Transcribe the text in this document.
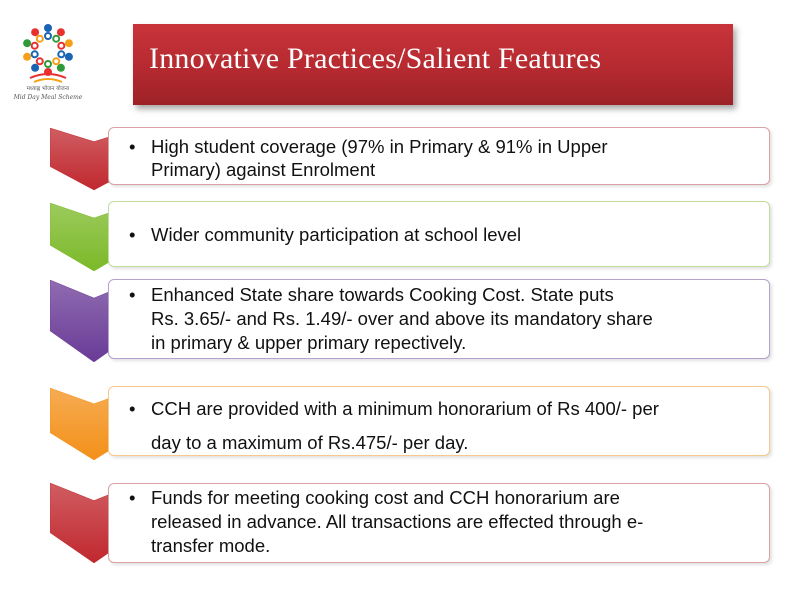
मध्याह्न भोजन योजना
Mid Day Meal Scheme
Innovative Practices/Salient Features
• High student coverage (97% in Primary & 91% in Upper
Primary) against Enrolment
• Wider community participation at school level
• Enhanced State share towards Cooking Cost. State puts
Rs. 3.65/- and Rs. 1.49/- over and above its mandatory share
in primary & upper primary repectively.
• CCH are provided with a minimum honorarium of Rs 400/- per
day to a maximum of Rs.475/- per day.
• Funds for meeting cooking cost and CCH honorarium are
released in advance. All transactions are effected through e-
transfer mode.
